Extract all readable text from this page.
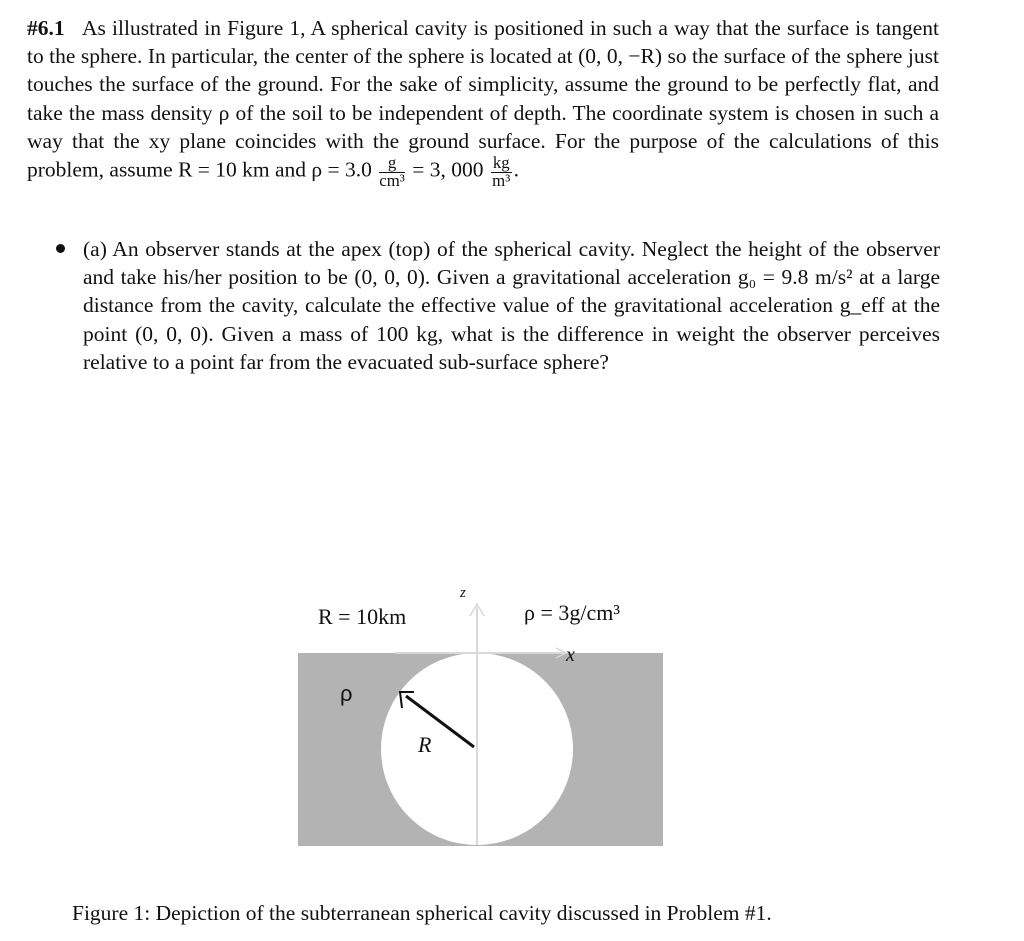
#6.1 As illustrated in Figure 1, A spherical cavity is positioned in such a way that the surface is tangent to the sphere. In particular, the center of the sphere is located at (0, 0, −R) so the surface of the sphere just touches the surface of the ground. For the sake of simplicity, assume the ground to be perfectly flat, and take the mass density ρ of the soil to be independent of depth. The coordinate system is chosen in such a way that the xy plane coincides with the ground surface. For the purpose of the calculations of this problem, assume R = 10 km and $\rho = 3.0 \frac{g}{\text{cm³}} = 3$, $000 \frac{kg}{\text{m³}}$ .
(a) An observer stands at the apex (top) of the spherical cavity. Neglect the height of the observer and take his/her position to be (0, 0, 0). Given a gravitational acceleration g₀ = 9.8 m/s² at a large distance from the cavity, calculate the effective value of the gravitational acceleration g_eff at the point (0, 0, 0). Given a mass of 100 kg, what is the difference in weight the observer perceives relative to a point far from the evacuated sub-surface sphere?
R = 10km	ρ = 3g/cm³
z
x
ρ
R
Figure 1: Depiction of the subterranean spherical cavity discussed in Problem #1.
